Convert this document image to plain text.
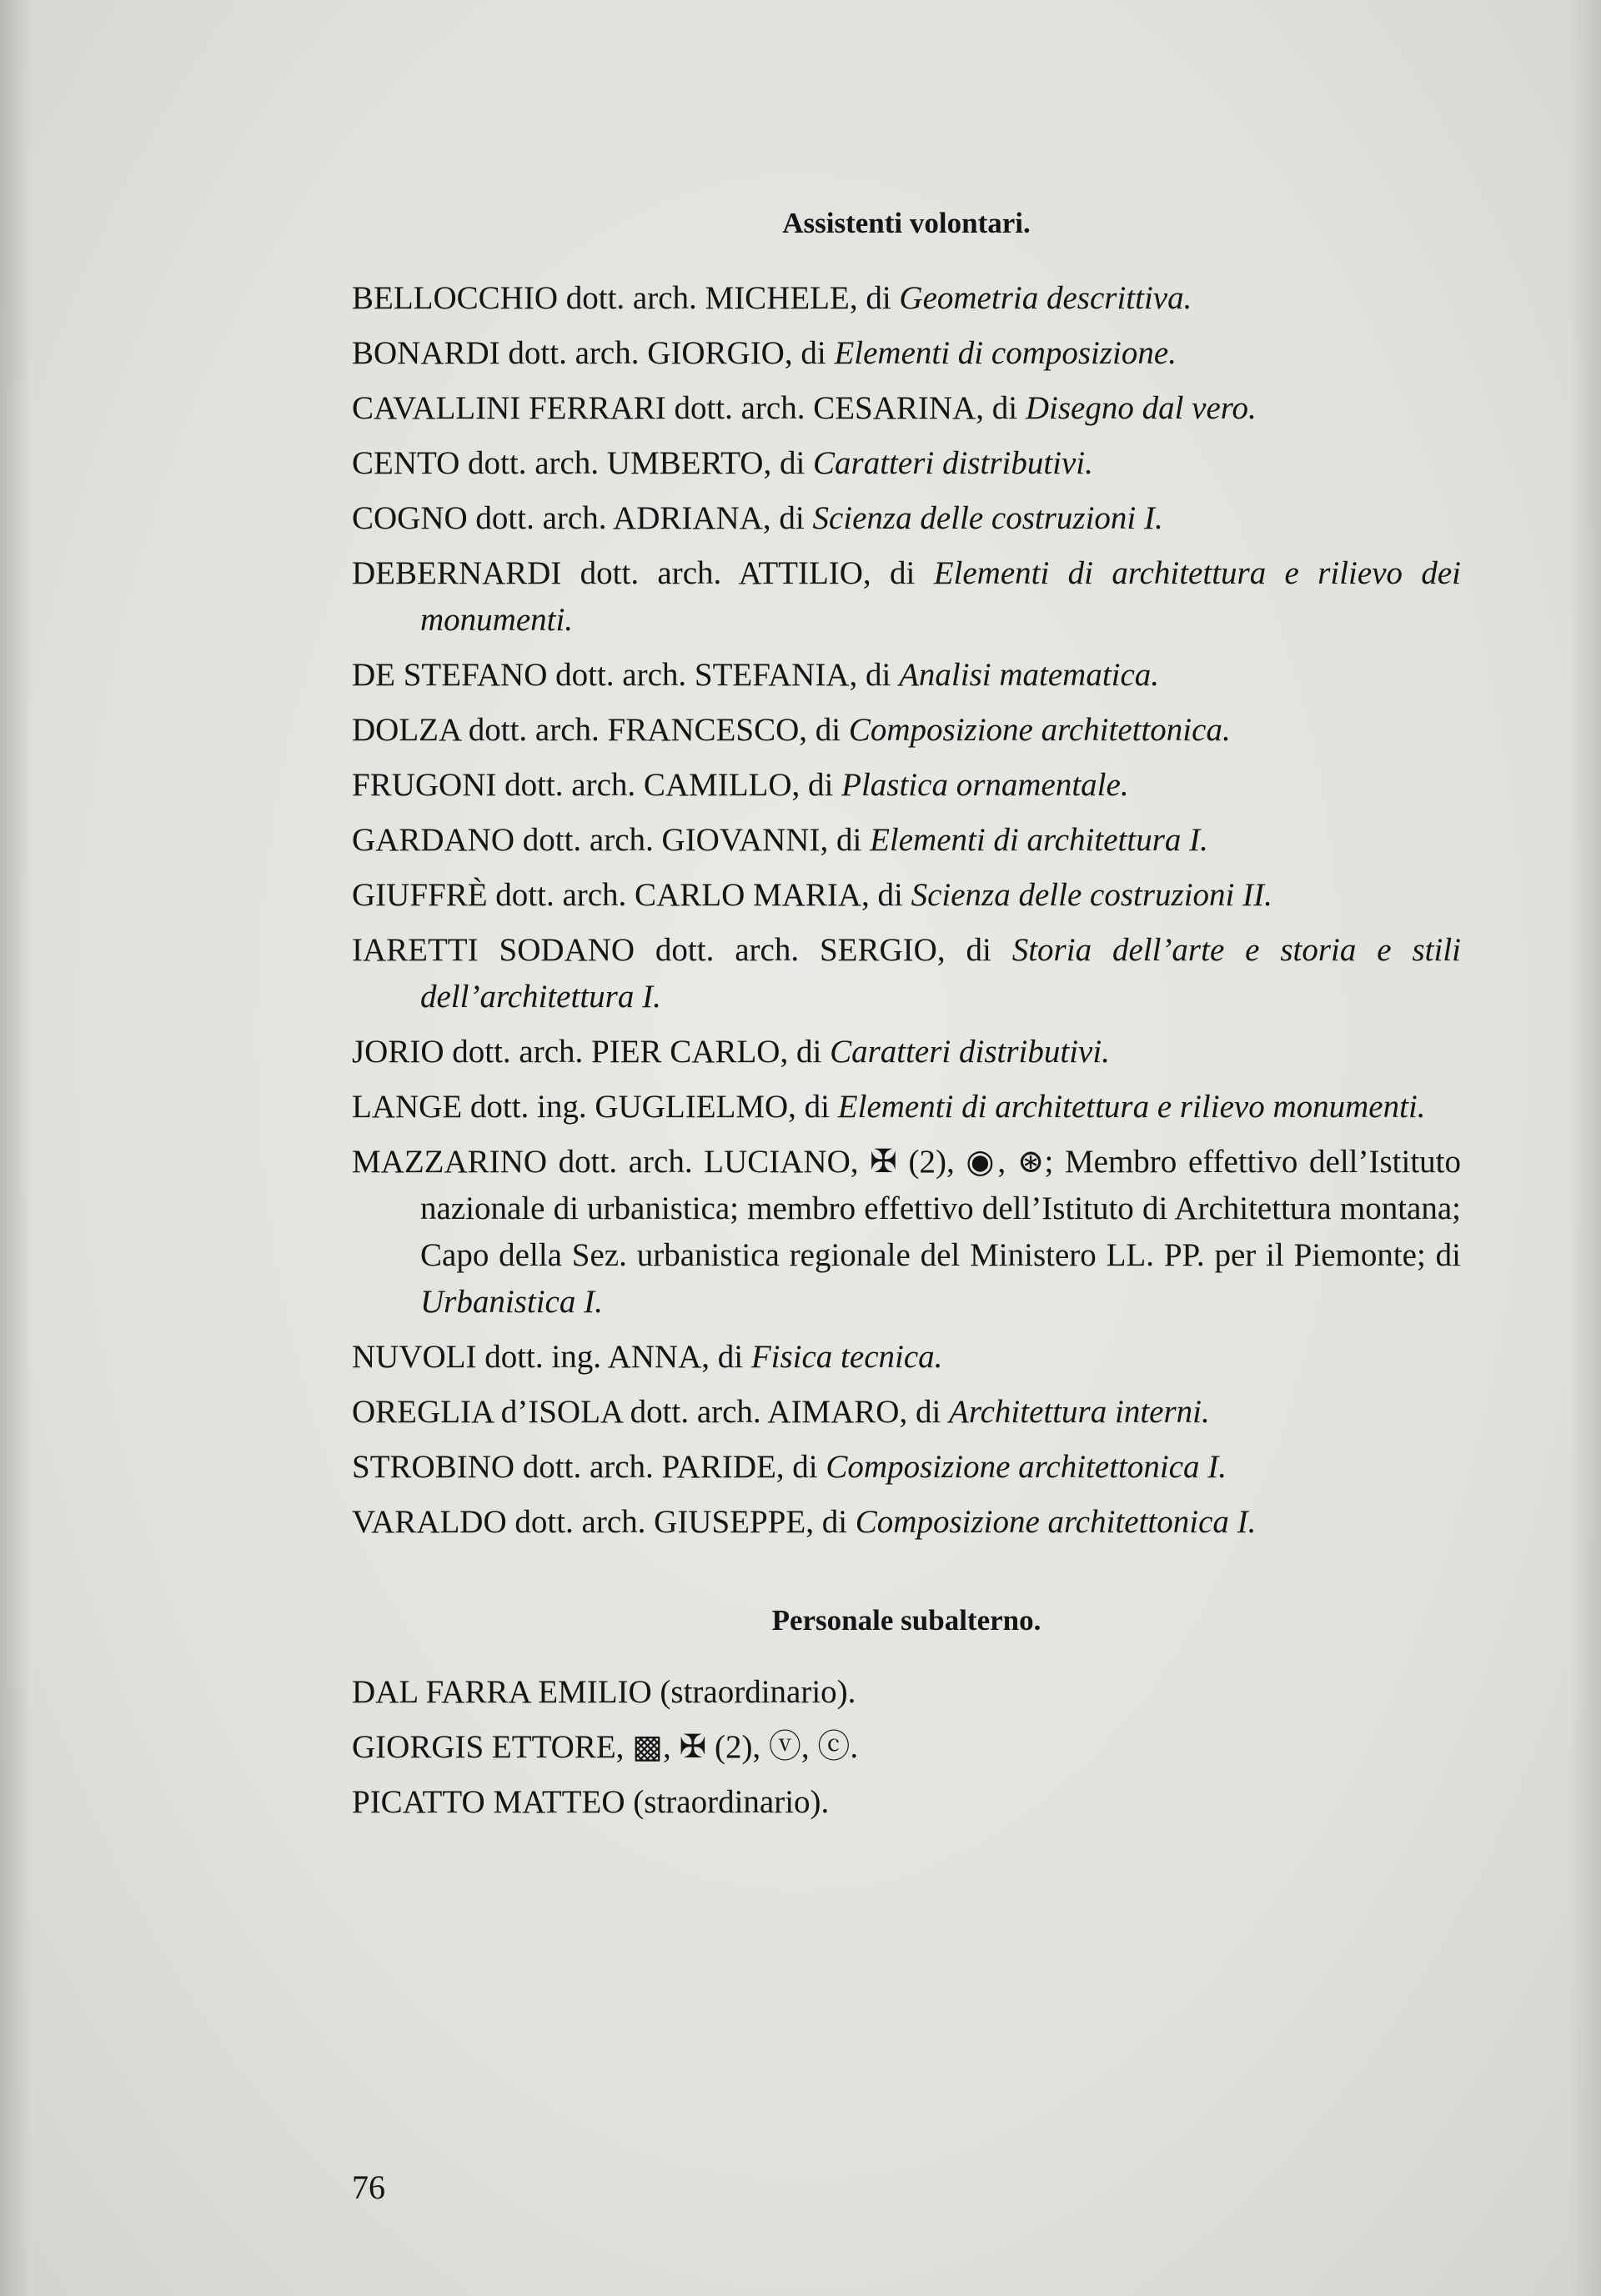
Assistenti volontari.

BELLOCCHIO dott. arch. MICHELE, di Geometria descrittiva.

BONARDI dott. arch. GIORGIO, di Elementi di composizione.

CAVALLINI FERRARI dott. arch. CESARINA, di Disegno dal vero.

CENTO dott. arch. UMBERTO, di Caratteri distributivi.

COGNO dott. arch. ADRIANA, di Scienza delle costruzioni I.

DEBERNARDI dott. arch. ATTILIO, di Elementi di architettura e rilievo dei monumenti.

DE STEFANO dott. arch. STEFANIA, di Analisi matematica.

DOLZA dott. arch. FRANCESCO, di Composizione architettonica.

FRUGONI dott. arch. CAMILLO, di Plastica ornamentale.

GARDANO dott. arch. GIOVANNI, di Elementi di architettura I.

GIUFFRÈ dott. arch. CARLO MARIA, di Scienza delle costruzioni II.

IARETTI SODANO dott. arch. SERGIO, di Storia dell’arte e storia e stili dell’architettura I.

JORIO dott. arch. PIER CARLO, di Caratteri distributivi.

LANGE dott. ing. GUGLIELMO, di Elementi di architettura e rilievo monumenti.

MAZZARINO dott. arch. LUCIANO, ✠ (2), ◉, ⊛; Membro effettivo dell’Istituto nazionale di urbanistica; membro effettivo dell’Istituto di Architettura montana; Capo della Sez. urbanistica regionale del Ministero LL. PP. per il Piemonte; di Urbanistica I.

NUVOLI dott. ing. ANNA, di Fisica tecnica.

OREGLIA d’ISOLA dott. arch. AIMARO, di Architettura interni.

STROBINO dott. arch. PARIDE, di Composizione architettonica I.

VARALDO dott. arch. GIUSEPPE, di Composizione architettonica I.

Personale subalterno.

DAL FARRA EMILIO (straordinario).

GIORGIS ETTORE, ▩, ✠ (2), ⓥ, ⓒ.

PICATTO MATTEO (straordinario).

76
